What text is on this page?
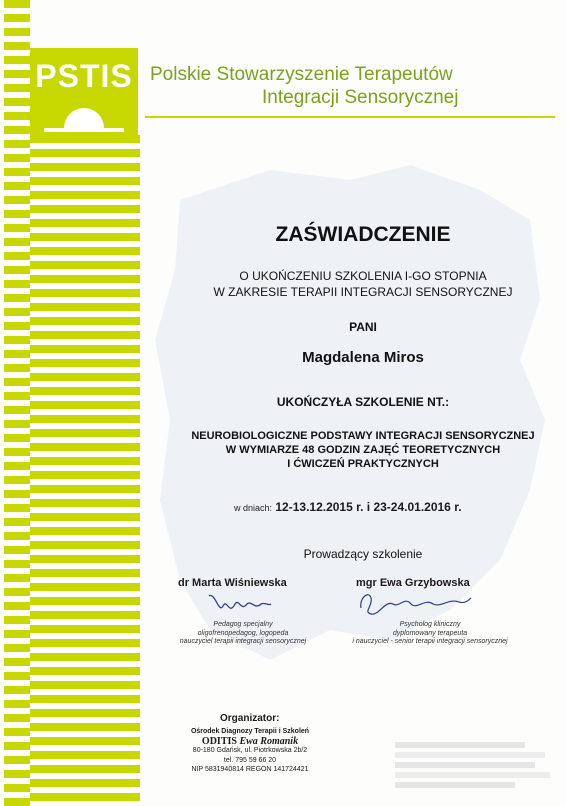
PSTIS Polskie Stowarzyszenie Terapeutów
Integracji Sensorycznej
ZAŚWIADCZENIE
O UKOŃCZENIU SZKOLENIA I-GO STOPNIA
W ZAKRESIE TERAPII INTEGRACJI SENSORYCZNEJ
PANI
Magdalena Miros
UKOŃCZYŁA SZKOLENIE NT.:
NEUROBIOLOGICZNE PODSTAWY INTEGRACJI SENSORYCZNEJ
W WYMIARZE 48 GODZIN ZAJĘĆ TEORETYCZNYCH
I ĆWICZEŃ PRAKTYCZNYCH
w dniach: 12-13.12.2015 r. i 23-24.01.2016 r.
Prowadzący szkolenie
dr Marta Wiśniewska	mgr Ewa Grzybowska
Pedagog specjalny
oligofrenopedagog, logopeda
nauczyciel terapii integracji sensorycznej
Psycholog kliniczny
dyplomowany terapeuta
i nauczyciel - senior terapii integracji sensorycznej
Organizator:
Ośrodek Diagnozy Terapii i Szkoleń
ODITIS Ewa Romanik
80-180 Gdańsk, ul. Piotrkowska 2b/2
tel. 795 59 66 20
NIP 5831940814 REGON 141724421
